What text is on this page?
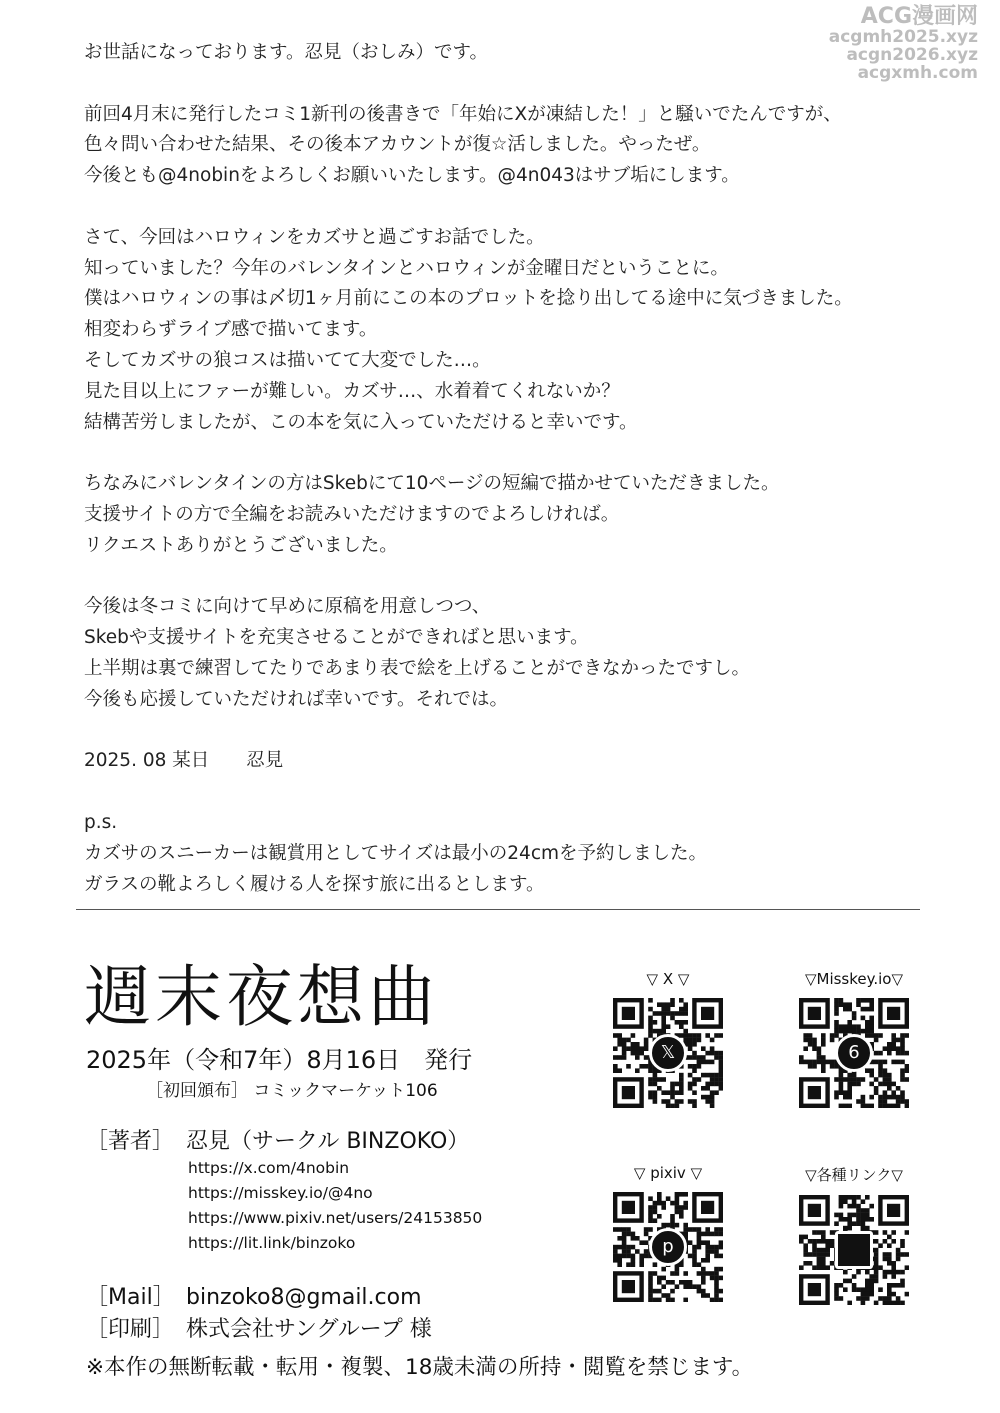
ACG漫画网
acgmh2025.xyz
acgn2026.xyz
acgxmh.com

お世話になっております。忍見（おしみ）です。

前回4月末に発行したコミ1新刊の後書きで「年始にXが凍結した！」と騒いでたんですが、

色々問い合わせた結果、その後本アカウントが復☆活しました。やったぜ。

今後とも@4nobinをよろしくお願いいたします。@4n043はサブ垢にします。

さて、今回はハロウィンをカズサと過ごすお話でした。

知っていました？今年のバレンタインとハロウィンが金曜日だということに。

僕はハロウィンの事は〆切1ヶ月前にこの本のプロットを捻り出してる途中に気づきました。

相変わらずライブ感で描いてます。

そしてカズサの狼コスは描いてて大変でした…。

見た目以上にファーが難しい。カズサ…、水着着てくれないか？

結構苦労しましたが、この本を気に入っていただけると幸いです。

ちなみにバレンタインの方はSkebにて10ページの短編で描かせていただきました。

支援サイトの方で全編をお読みいただけますのでよろしければ。

リクエストありがとうございました。

今後は冬コミに向けて早めに原稿を用意しつつ、

Skebや支援サイトを充実させることができればと思います。

上半期は裏で練習してたりであまり表で絵を上げることができなかったですし。

今後も応援していただければ幸いです。それでは。

2025. 08 某日　　忍見

p.s.

カズサのスニーカーは観賞用としてサイズは最小の24cmを予約しました。

ガラスの靴よろしく履ける人を探す旅に出るとします。

週末夜想曲
2025年（令和7年）8月16日　発行
［初回頒布］ コミックマーケット106
［著者］ 忍見（サークル BINZOKO）
https://x.com/4nobin
https://misskey.io/@4no
https://www.pixiv.net/users/24153850
https://lit.link/binzoko
［Mail］ binzoko8@gmail.com
［印刷］ 株式会社サングループ 様
※本作の無断転載・転用・複製、18歳未満の所持・閲覧を禁じます。
▽ X ▽
𝕏
▽Misskey.io▽
6
▽ pixiv ▽
p
▽各種リンク▽
